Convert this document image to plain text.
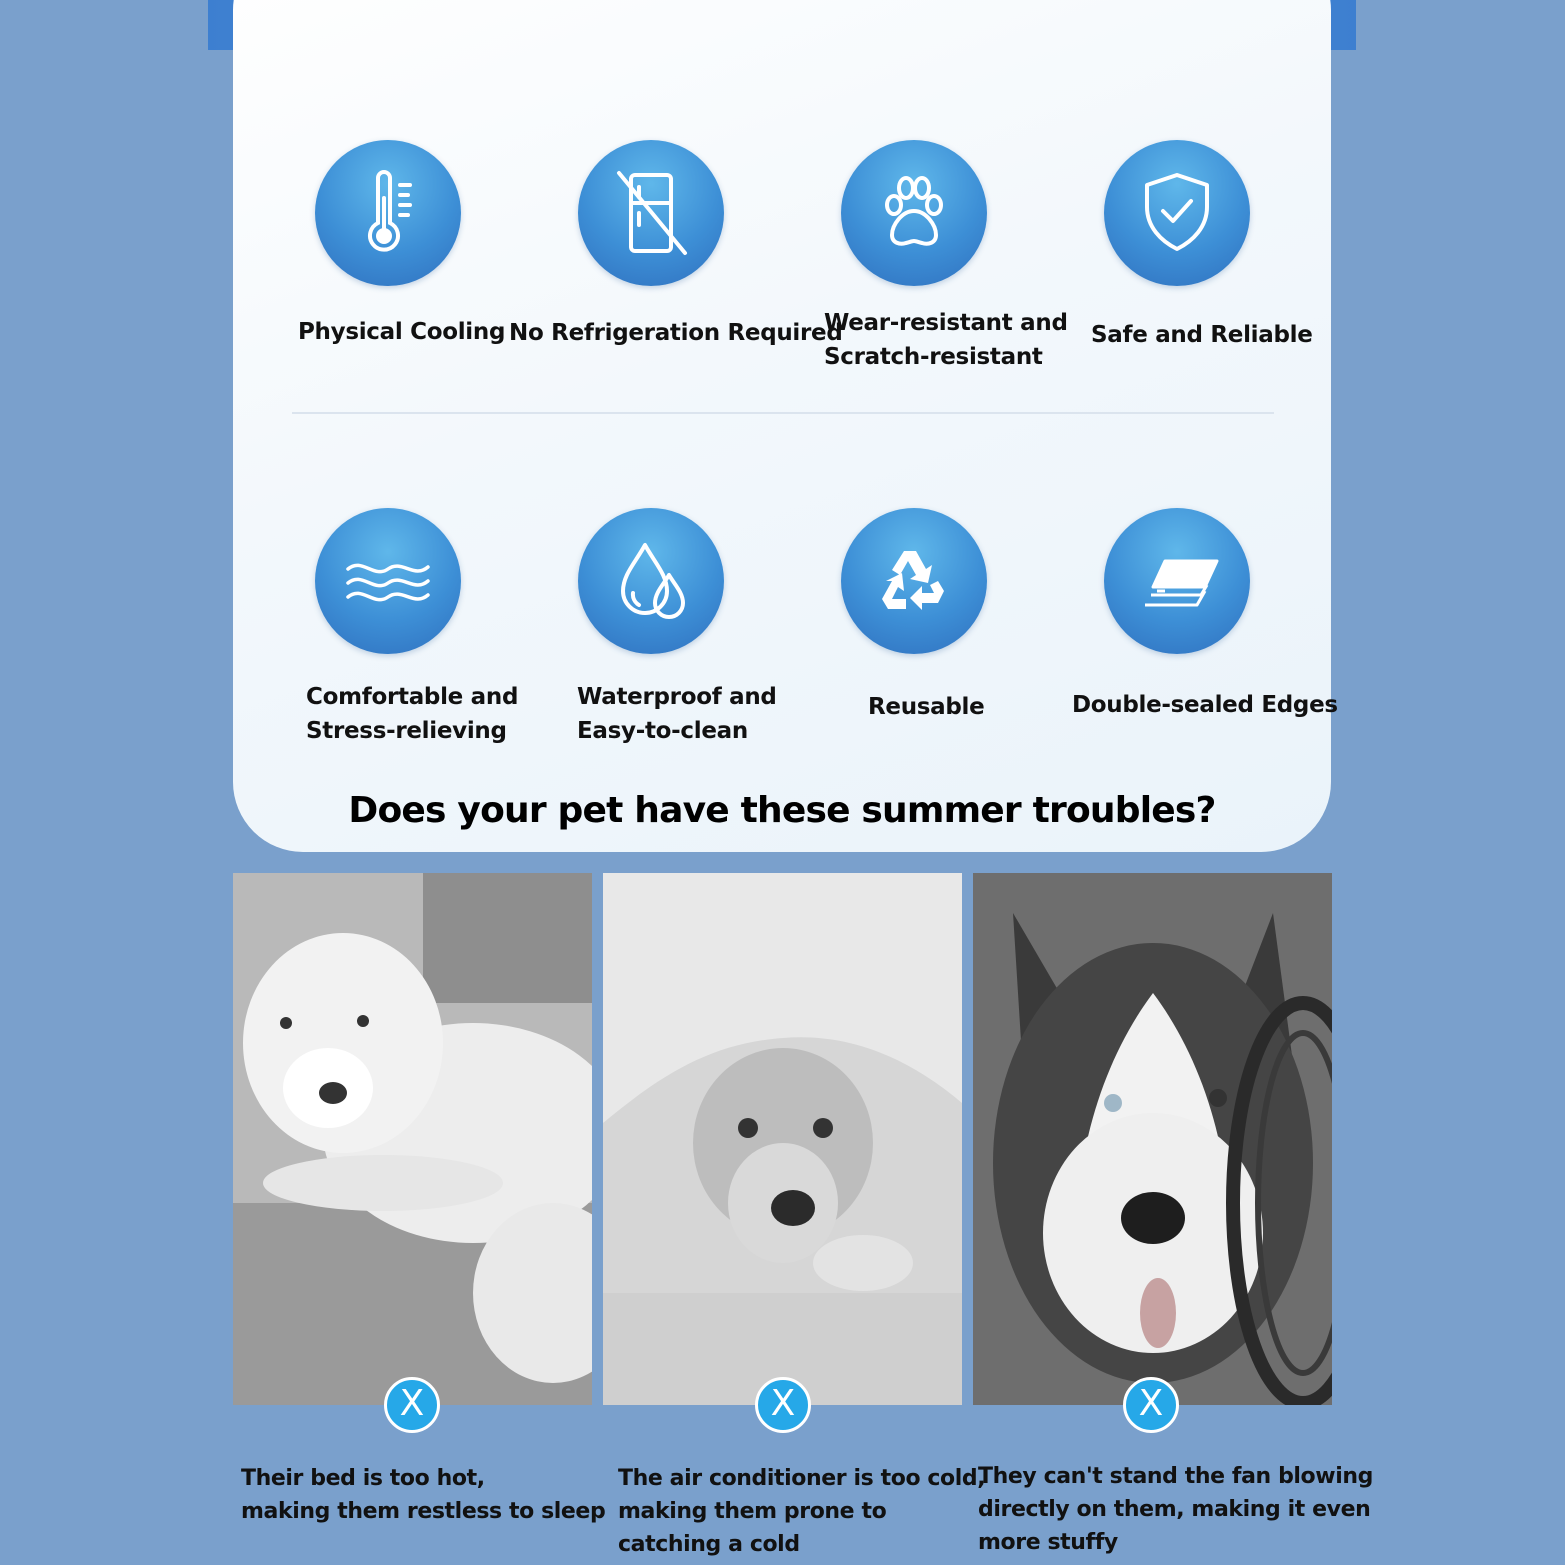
Physical Cooling No Refrigeration Required
Wear-resistant and
Scratch-resistant
Safe and Reliable
Comfortable and
Stress-relieving
Waterproof and
Easy-to-clean
Reusable	Double-sealed Edges
Does your pet have these summer troubles?
X	X	X
Their bed is too hot,
making them restless to sleep
The air conditioner is too cold,
making them prone to
catching a cold
They can't stand the fan blowing
directly on them, making it even
more stuffy
